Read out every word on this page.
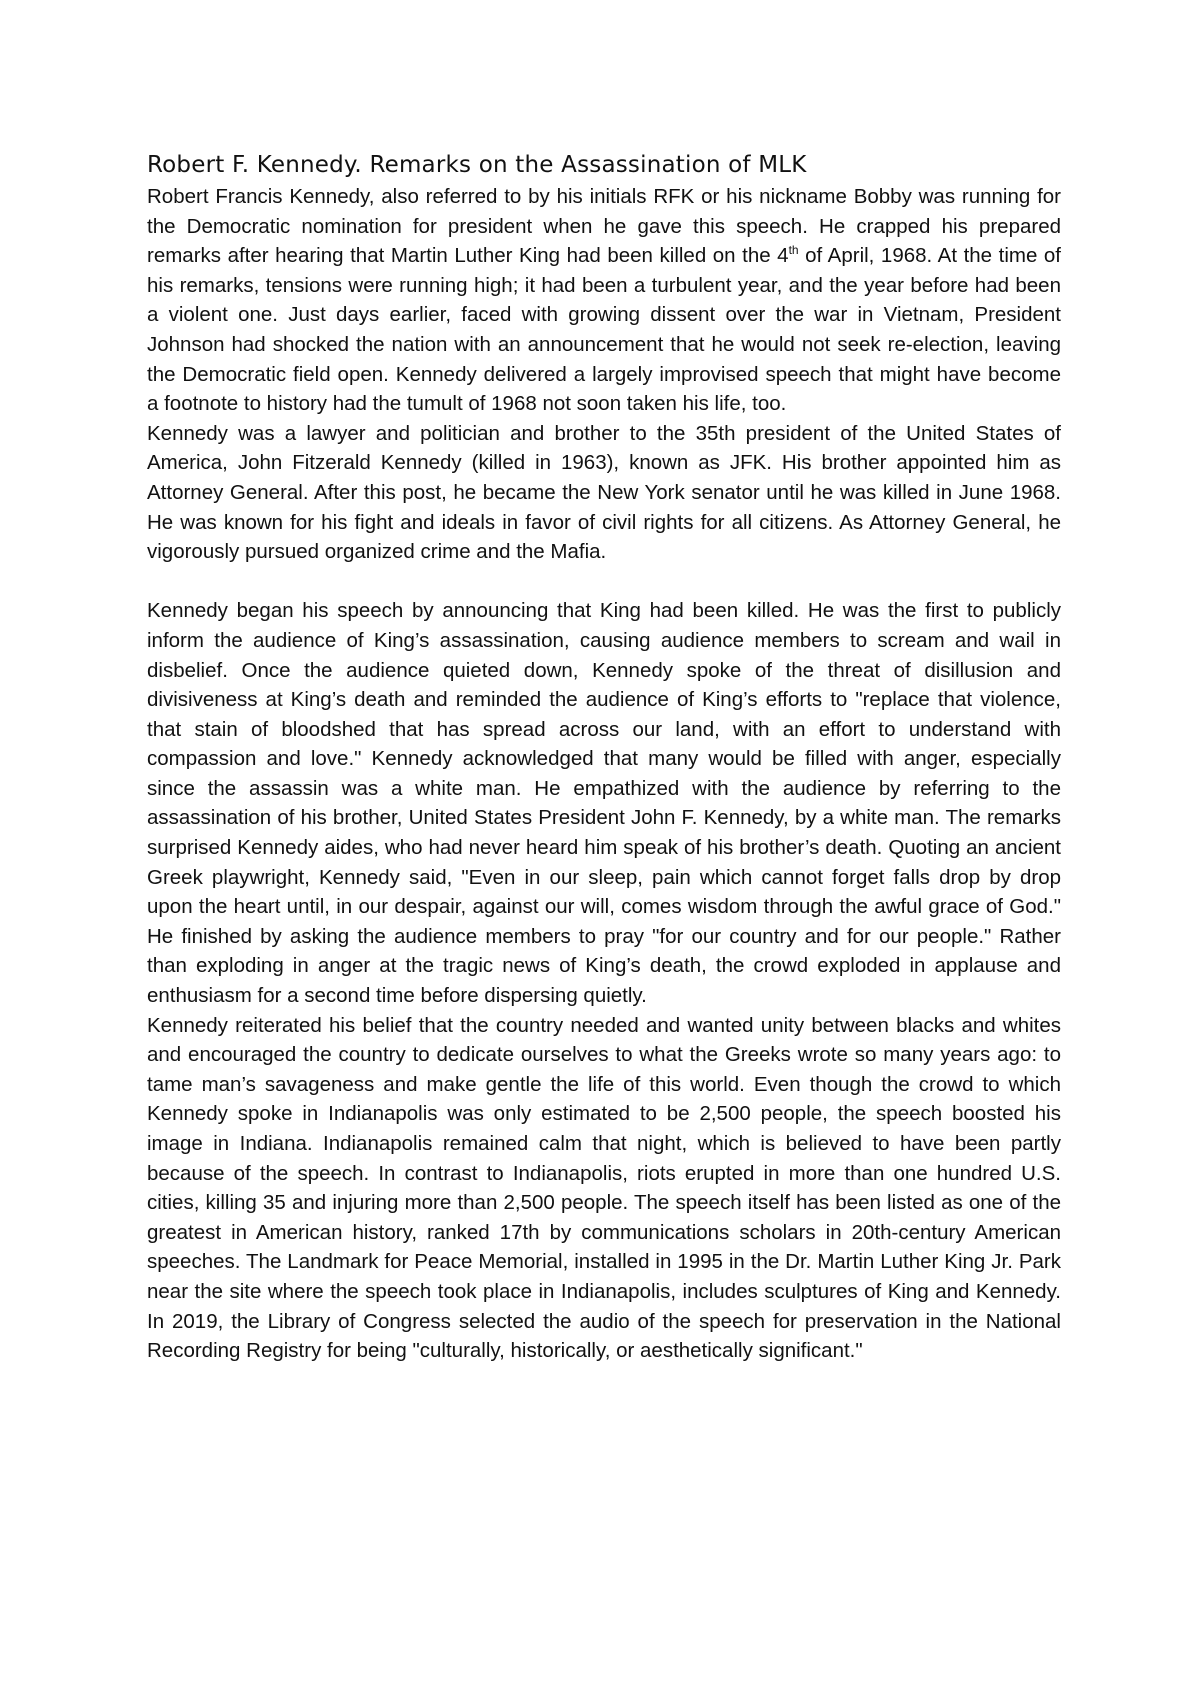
Robert F. Kennedy. Remarks on the Assassination of MLK

Robert Francis Kennedy, also referred to by his initials RFK or his nickname Bobby was running for the Democratic nomination for president when he gave this speech. He crapped his prepared remarks after hearing that Martin Luther King had been killed on the 4th of April, 1968. At the time of his remarks, tensions were running high; it had been a turbulent year, and the year before had been a violent one. Just days earlier, faced with growing dissent over the war in Vietnam, President Johnson had shocked the nation with an announcement that he would not seek re-election, leaving the Democratic field open. Kennedy delivered a largely improvised speech that might have become a footnote to history had the tumult of 1968 not soon taken his life, too.

Kennedy was a lawyer and politician and brother to the 35th president of the United States of America, John Fitzerald Kennedy (killed in 1963), known as JFK. His brother appointed him as Attorney General. After this post, he became the New York senator until he was killed in June 1968. He was known for his fight and ideals in favor of civil rights for all citizens. As Attorney General, he vigorously pursued organized crime and the Mafia.

Kennedy began his speech by announcing that King had been killed. He was the first to publicly inform the audience of King’s assassination, causing audience members to scream and wail in disbelief. Once the audience quieted down, Kennedy spoke of the threat of disillusion and divisiveness at King’s death and reminded the audience of King’s efforts to "replace that violence, that stain of bloodshed that has spread across our land, with an effort to understand with compassion and love." Kennedy acknowledged that many would be filled with anger, especially since the assassin was a white man. He empathized with the audience by referring to the assassination of his brother, United States President John F. Kennedy, by a white man. The remarks surprised Kennedy aides, who had never heard him speak of his brother’s death. Quoting an ancient Greek playwright, Kennedy said, "Even in our sleep, pain which cannot forget falls drop by drop upon the heart until, in our despair, against our will, comes wisdom through the awful grace of God." He finished by asking the audience members to pray "for our country and for our people." Rather than exploding in anger at the tragic news of King’s death, the crowd exploded in applause and enthusiasm for a second time before dispersing quietly.

Kennedy reiterated his belief that the country needed and wanted unity between blacks and whites and encouraged the country to dedicate ourselves to what the Greeks wrote so many years ago: to tame man’s savageness and make gentle the life of this world. Even though the crowd to which Kennedy spoke in Indianapolis was only estimated to be 2,500 people, the speech boosted his image in Indiana. Indianapolis remained calm that night, which is believed to have been partly because of the speech. In contrast to Indianapolis, riots erupted in more than one hundred U.S. cities, killing 35 and injuring more than 2,500 people. The speech itself has been listed as one of the greatest in American history, ranked 17th by communications scholars in 20th-century American speeches. The Landmark for Peace Memorial, installed in 1995 in the Dr. Martin Luther King Jr. Park near the site where the speech took place in Indianapolis, includes sculptures of King and Kennedy. In 2019, the Library of Congress selected the audio of the speech for preservation in the National Recording Registry for being "culturally, historically, or aesthetically significant."
